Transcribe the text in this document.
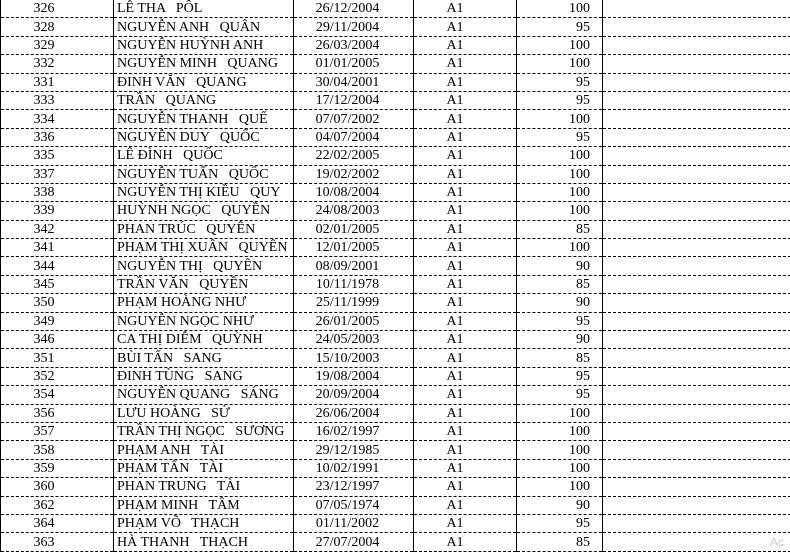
326	LÊ THA   PÔL	26/12/2004	A1	100	
328	NGUYỄN ANH   QUÂN	29/11/2004	A1	95	
329	NGUYỄN HUỲNH ANH	26/03/2004	A1	100	
332	NGUYỄN MINH   QUANG	01/01/2005	A1	100	
331	ĐINH VĂN   QUANG	30/04/2001	A1	95	
333	TRẦN   QUANG	17/12/2004	A1	95	
334	NGUYỄN THANH   QUẾ	07/07/2002	A1	100	
336	NGUYỄN DUY   QUỐC	04/07/2004	A1	95	
335	LÊ ĐÌNH   QUỐC	22/02/2005	A1	100	
337	NGUYỄN TUẤN   QUỐC	19/02/2002	A1	100	
338	NGUYỄN THỊ KIỀU   QUY	10/08/2004	A1	100	
339	HUỲNH NGỌC   QUYỀN	24/08/2003	A1	100	
342	PHAN TRÚC   QUYÊN	02/01/2005	A1	85	
341	PHẠM THỊ XUÂN   QUYÊN	12/01/2005	A1	100	
344	NGUYỄN THỊ   QUYÊN	08/09/2001	A1	90	
345	TRẦN VĂN   QUYỀN	10/11/1978	A1	85	
350	PHẠM HOÀNG NHƯ	25/11/1999	A1	90	
349	NGUYỄN NGỌC NHƯ	26/01/2005	A1	95	
346	CA THỊ DIỄM   QUỲNH	24/05/2003	A1	90	
351	BÙI TẤN   SANG	15/10/2003	A1	85	
352	ĐINH TÙNG   SANG	19/08/2004	A1	95	
354	NGUYỄN QUANG   SÁNG	20/09/2004	A1	95	
356	LƯU HOÀNG   SỬ	26/06/2004	A1	100	
357	TRẦN THỊ NGỌC   SƯƠNG	16/02/1997	A1	100	
358	PHẠM ANH   TÀI	29/12/1985	A1	100	
359	PHẠM TẤN   TÀI	10/02/1991	A1	100	
360	PHAN TRUNG   TÀI	23/12/1997	A1	100	
362	PHẠM MINH   TÂM	07/05/1974	A1	90	
364	PHẠM VÕ   THẠCH	01/11/2002	A1	95	
363	HÀ THANH   THẠCH	27/07/2004	A1	85		Ac
